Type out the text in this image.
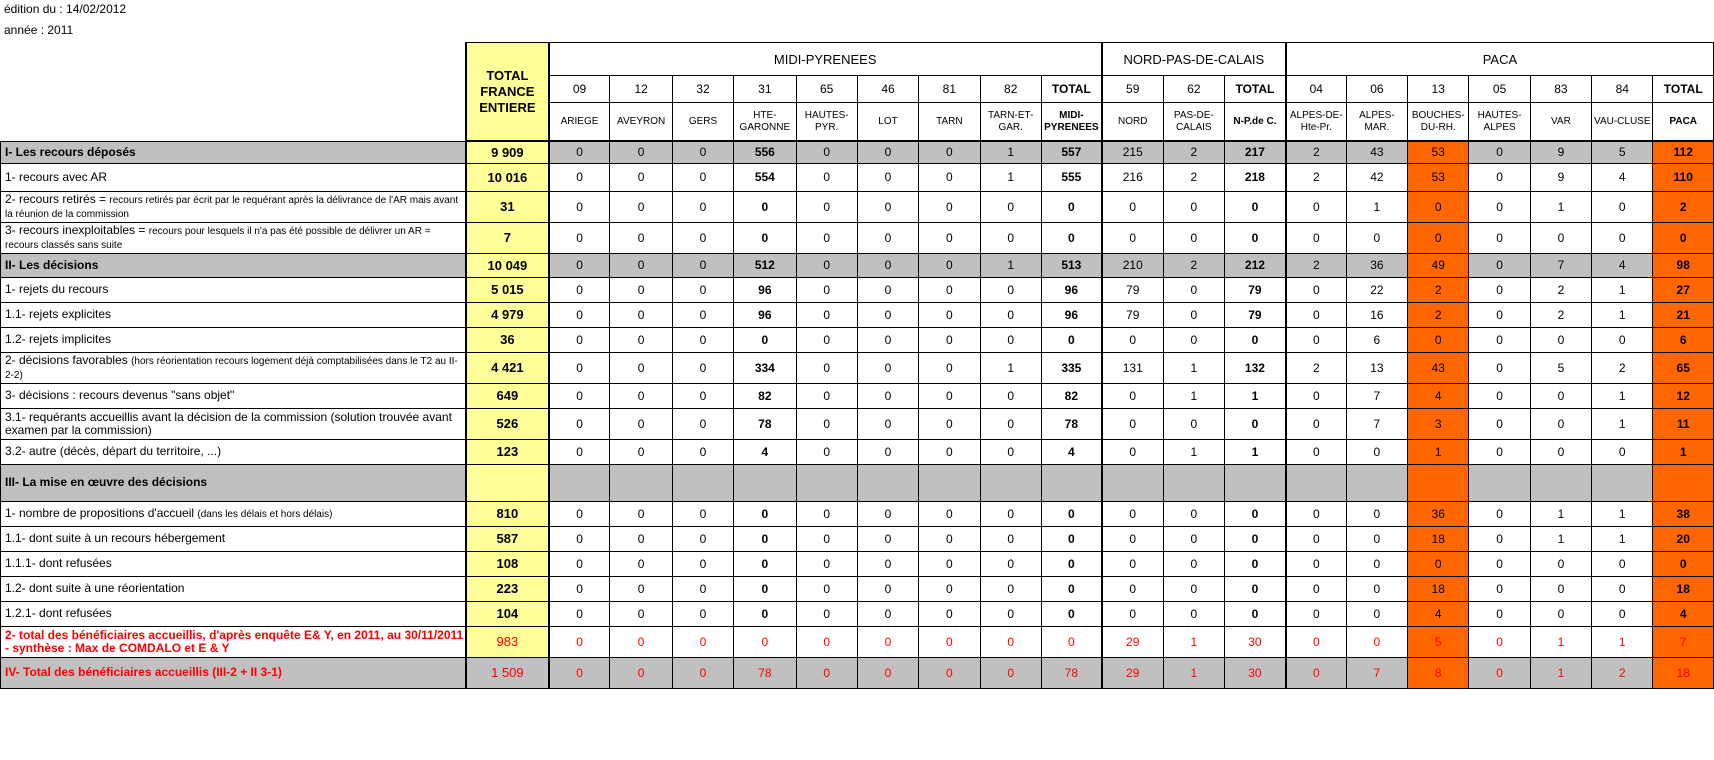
édition du : 14/02/2012
année : 2011
	TOTAL FRANCE ENTIERE	MIDI-PYRENEES									NORD-PAS-DE-CALAIS			PACA						
		09	12	32	31	65	46	81	82	TOTAL	59	62	TOTAL	04	06	13	05	83	84	TOTAL
		ARIEGE	AVEYRON	GERS	HTE-GARONNE	HAUTES-PYR.	LOT	TARN	TARN-ET-GAR.	MIDI-PYRENEES	NORD	PAS-DE-CALAIS	N-P.de C.	ALPES-DE-Hte-Pr.	ALPES-MAR.	BOUCHES-DU-RH.	HAUTES-ALPES	VAR	VAU-CLUSE	PACA
I- Les recours déposés	9 909	0	0	0	556	0	0	0	1	557	215	2	217	2	43	53	0	9	5	112
1- recours avec AR	10 016	0	0	0	554	0	0	0	1	555	216	2	218	2	42	53	0	9	4	110
2- recours retirés = recours retirés par écrit par le requérant après la délivrance de l'AR mais avant la réunion de la commission	31	0	0	0	0	0	0	0	0	0	0	0	0	0	1	0	0	1	0	2
3- recours inexploitables = recours pour lesquels il n'a pas été possible de délivrer un AR = recours classés sans suite	7	0	0	0	0	0	0	0	0	0	0	0	0	0	0	0	0	0	0	0
II- Les décisions	10 049	0	0	0	512	0	0	0	1	513	210	2	212	2	36	49	0	7	4	98
1- rejets du recours	5 015	0	0	0	96	0	0	0	0	96	79	0	79	0	22	2	0	2	1	27
1.1- rejets explicites	4 979	0	0	0	96	0	0	0	0	96	79	0	79	0	16	2	0	2	1	21
1.2- rejets implicites	36	0	0	0	0	0	0	0	0	0	0	0	0	0	6	0	0	0	0	6
2- décisions favorables (hors réorientation recours logement déjà comptabilisées dans le T2 au II-2-2)	4 421	0	0	0	334	0	0	0	1	335	131	1	132	2	13	43	0	5	2	65
3- décisions : recours devenus "sans objet"	649	0	0	0	82	0	0	0	0	82	0	1	1	0	7	4	0	0	1	12
3.1- requérants accueillis avant la décision de la commission (solution trouvée avant examen par la commission)	526	0	0	0	78	0	0	0	0	78	0	0	0	0	7	3	0	0	1	11
3.2- autre (décès, départ du territoire, ...)	123	0	0	0	4	0	0	0	0	4	0	1	1	0	0	1	0	0	0	1
III- La mise en œuvre des décisions																				
1- nombre de propositions d'accueil (dans les délais et hors délais)	810	0	0	0	0	0	0	0	0	0	0	0	0	0	0	36	0	1	1	38
1.1- dont suite à un recours hébergement	587	0	0	0	0	0	0	0	0	0	0	0	0	0	0	18	0	1	1	20
1.1.1- dont refusées	108	0	0	0	0	0	0	0	0	0	0	0	0	0	0	0	0	0	0	0
1.2- dont suite à une réorientation	223	0	0	0	0	0	0	0	0	0	0	0	0	0	0	18	0	0	0	18
1.2.1- dont refusées	104	0	0	0	0	0	0	0	0	0	0	0	0	0	0	4	0	0	0	4
2- total des bénéficiaires accueillis, d'après enquête E& Y, en 2011, au 30/11/2011 - synthèse : Max de COMDALO et E & Y	983	0	0	0	0	0	0	0	0	0	29	1	30	0	0	5	0	1	1	7
IV- Total des bénéficiaires accueillis (III-2 + II 3-1)	1 509	0	0	0	78	0	0	0	0	78	29	1	30	0	7	8	0	1	2	18
